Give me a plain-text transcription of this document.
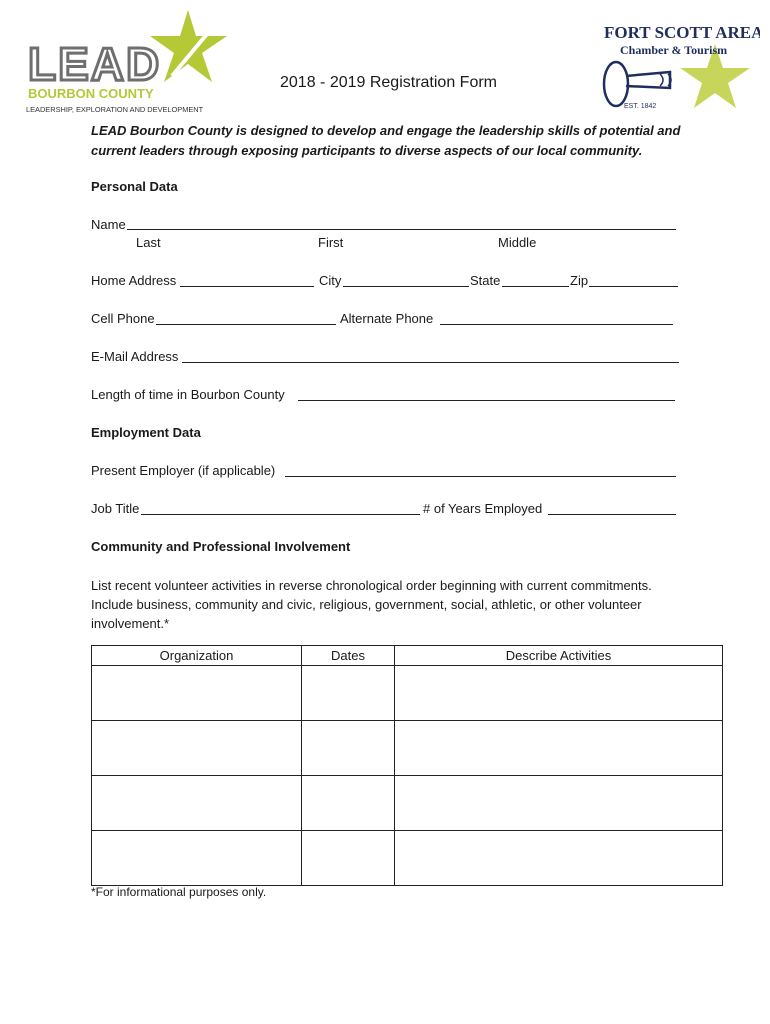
LEAD
BOURBON COUNTY
LEADERSHIP, EXPLORATION AND DEVELOPMENT
FORT SCOTT AREA
Chamber & Tourism
EST. 1842
2018 - 2019 Registration Form
LEAD Bourbon County is designed to develop and engage the leadership skills of potential and current leaders through exposing participants to diverse aspects of our local community.
Personal Data
Name
Last	First	Middle
Home Address	City	State	Zip
Cell Phone	Alternate Phone
E-Mail Address
Length of time in Bourbon County
Employment Data
Present Employer (if applicable)
Job Title	# of Years Employed
Community and Professional Involvement
List recent volunteer activities in reverse chronological order beginning with current commitments. Include business, community and civic, religious, government, social, athletic, or other volunteer involvement.*
Organization	Dates	Describe Activities

*For informational purposes only.
